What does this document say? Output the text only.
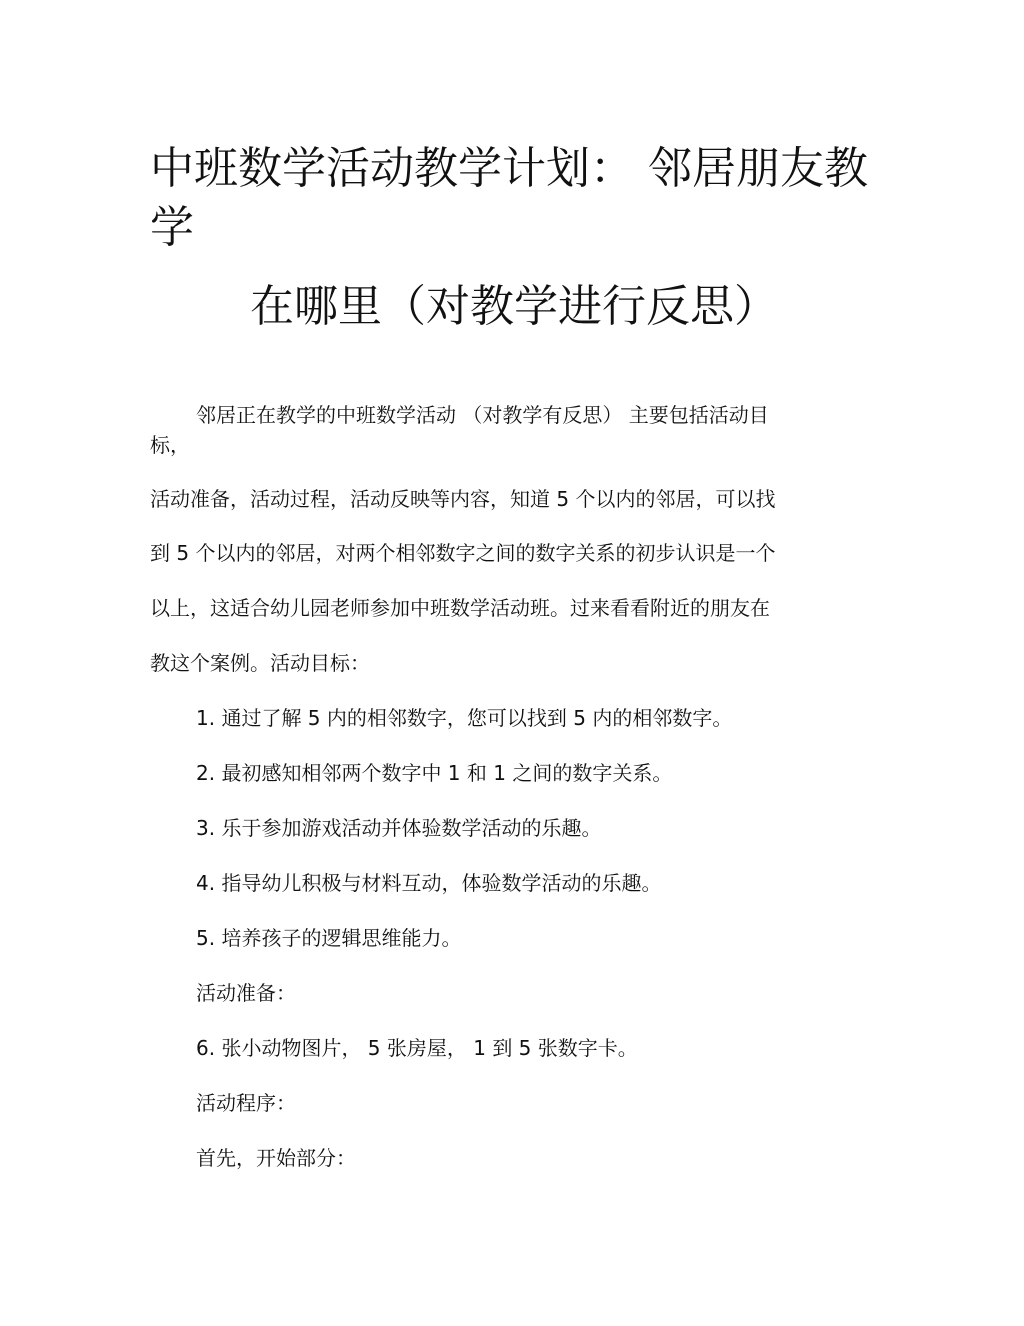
中班数学活动教学计划： 邻居朋友教
学
在哪里（对教学进行反思）

邻居正在教学的中班数学活动 （对教学有反思） 主要包括活动目

标，

活动准备，活动过程，活动反映等内容，知道 5 个以内的邻居，可以找

到 5 个以内的邻居，对两个相邻数字之间的数字关系的初步认识是一个

以上，这适合幼儿园老师参加中班数学活动班。过来看看附近的朋友在

教这个案例。活动目标：

1. 通过了解 5 内的相邻数字，您可以找到 5 内的相邻数字。

2. 最初感知相邻两个数字中 1 和 1 之间的数字关系。

3. 乐于参加游戏活动并体验数学活动的乐趣。

4. 指导幼儿积极与材料互动，体验数学活动的乐趣。

5. 培养孩子的逻辑思维能力。

活动准备：

6. 张小动物图片， 5 张房屋， 1 到 5 张数字卡。

活动程序：

首先，开始部分：
